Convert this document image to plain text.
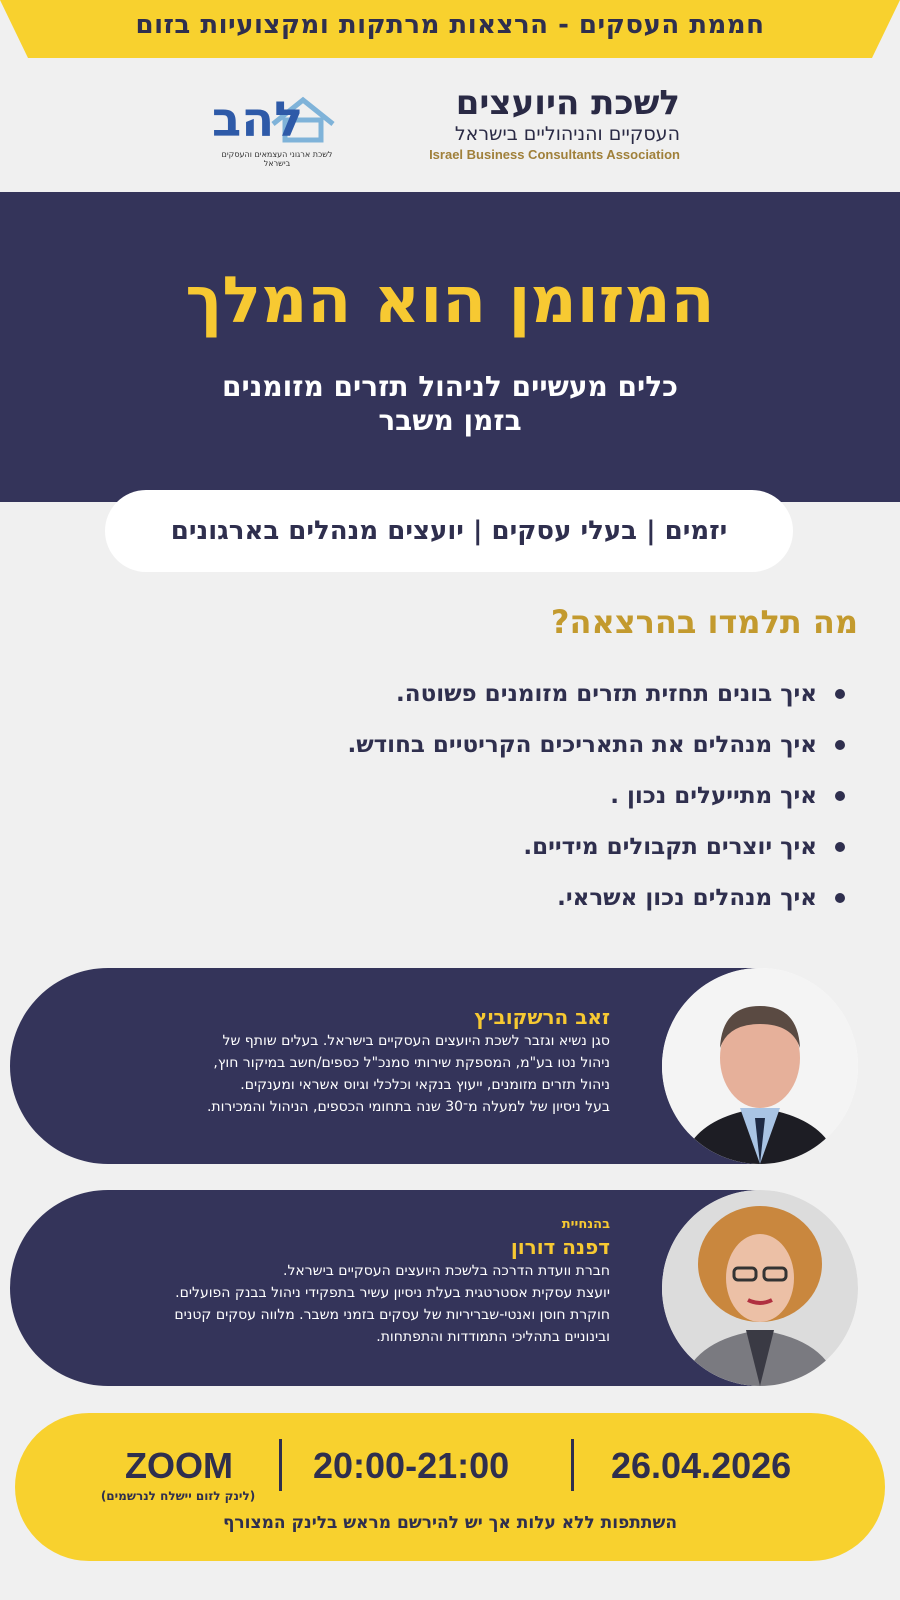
חממת העסקים - הרצאות מרתקות ומקצועיות בזום
לשכת היועצים
העסקיים והניהוליים בישראל
Israel Business Consultants Association
להב
לשכת ארגוני העצמאים והעסקים בישראל
המזומן הוא המלך
כלים מעשיים לניהול תזרים מזומנים
בזמן משבר
יזמים | בעלי עסקים | יועצים מנהלים בארגונים
מה תלמדו בהרצאה?
איך בונים תחזית תזרים מזומנים פשוטה.
איך מנהלים את התאריכים הקריטיים בחודש.
איך מתייעלים נכון .
איך יוצרים תקבולים מידיים.
איך מנהלים נכון אשראי.
זאב הרשקוביץ
סגן נשיא וגזבר לשכת היועצים העסקיים בישראל. בעלים שותף של
ניהול נטו בע"מ, המספקת שירותי סמנכ"ל כספים/חשב במיקור חוץ,
ניהול תזרים מזומנים, ייעוץ בנקאי וכלכלי וגיוס אשראי ומענקים.
בעל ניסיון של למעלה מ־30 שנה בתחומי הכספים, הניהול והמכירות.
בהנחיית
דפנה דורון
חברת וועדת הדרכה בלשכת היועצים העסקיים בישראל.
יועצת עסקית אסטרטגית בעלת ניסיון עשיר בתפקידי ניהול בבנק הפועלים.
חוקרת חוסן ואנטי-שבריריות של עסקים בזמני משבר. מלווה עסקים קטנים
ובינוניים בתהליכי התמודדות והתפתחות.
26.04.2026
20:00-21:00
ZOOM
(לינק לזום יישלח לנרשמים)
השתתפות ללא עלות אך יש להירשם מראש בלינק המצורף
